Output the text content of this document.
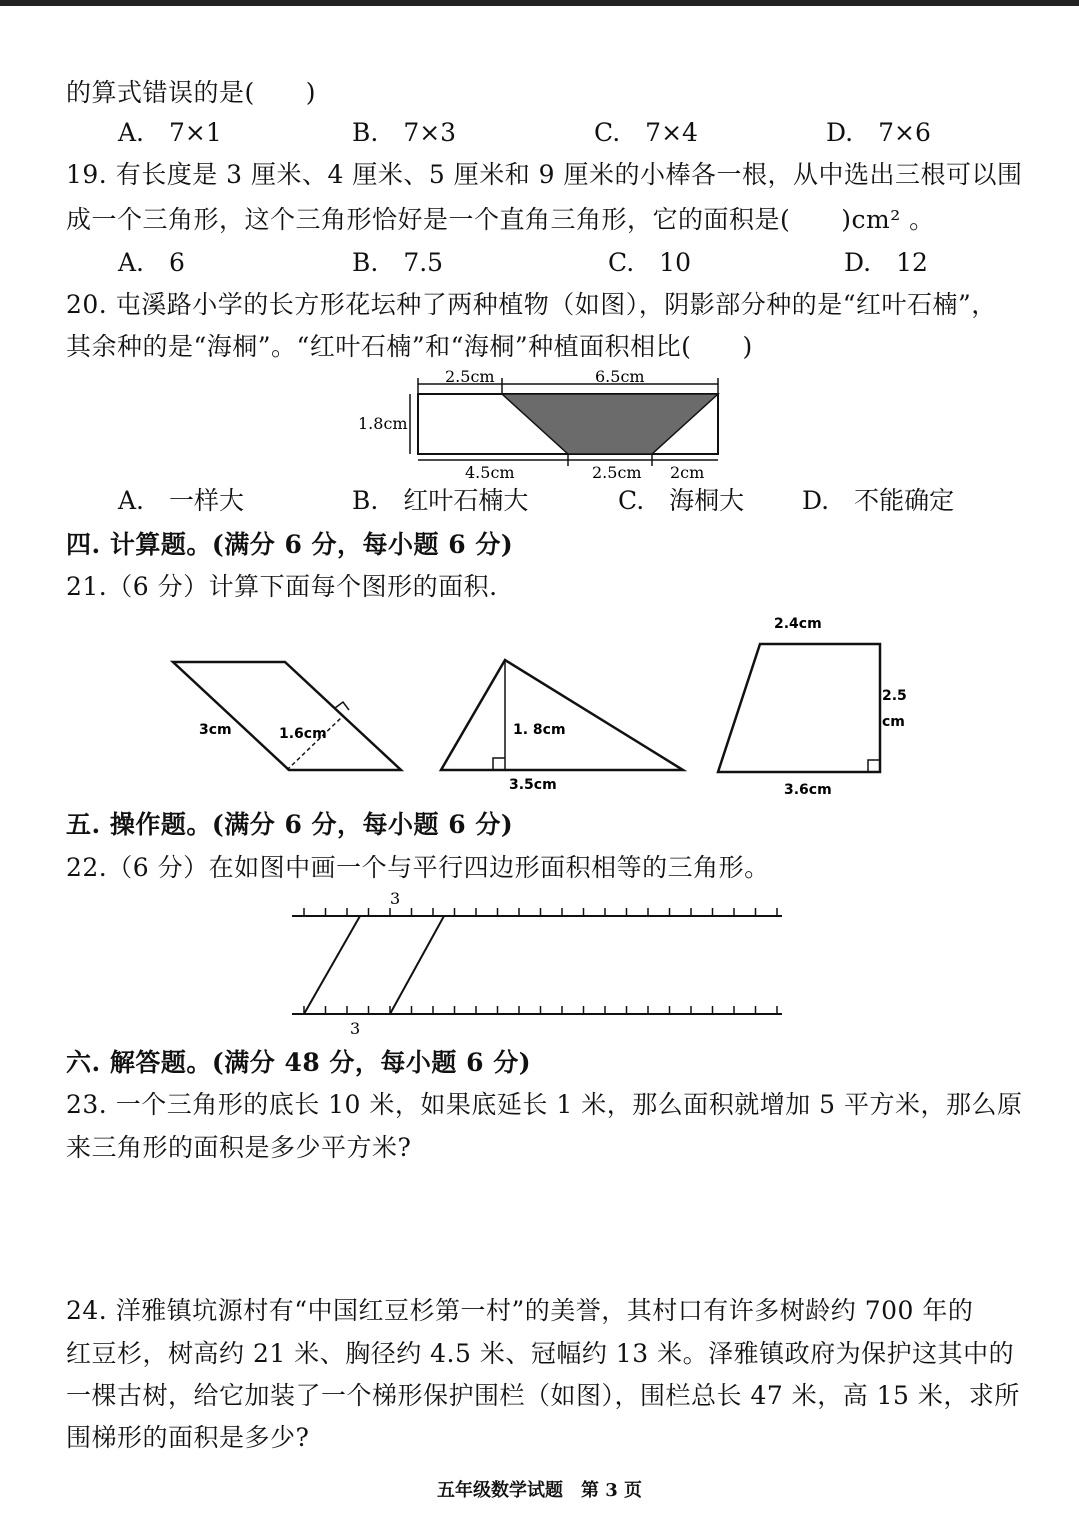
的算式错误的是(　　)
A.　7×1	B.　7×3	C.　7×4	D.　7×6
19. 有长度是 3 厘米、4 厘米、5 厘米和 9 厘米的小棒各一根，从中选出三根可以围
成一个三角形，这个三角形恰好是一个直角三角形，它的面积是(　　)cm² 。
A.　6	B.　7.5	C.　10	D.　12
20. 屯溪路小学的长方形花坛种了两种植物（如图），阴影部分种的是“红叶石楠”，
其余种的是“海桐”。“红叶石楠”和“海桐”种植面积相比(　　)
2.5cm	6.5cm
1.8cm
4.5cm	2.5cm 2cm
A.　一样大	B.　红叶石楠大	C.　海桐大 D.　不能确定
四. 计算题。(满分 6 分，每小题 6 分)
21.（6 分）计算下面每个图形的面积.
3cm	1.6cm	1. 8cm
3.5cm
2.4cm
2.5
cm
3.6cm
五. 操作题。(满分 6 分，每小题 6 分)
22.（6 分）在如图中画一个与平行四边形面积相等的三角形。
3
3
六. 解答题。(满分 48 分，每小题 6 分)
23. 一个三角形的底长 10 米，如果底延长 1 米，那么面积就增加 5 平方米，那么原
来三角形的面积是多少平方米?
24. 洋雅镇坑源村有“中国红豆杉第一村”的美誉，其村口有许多树龄约 700 年的
红豆杉，树高约 21 米、胸径约 4.5 米、冠幅约 13 米。泽雅镇政府为保护这其中的
一棵古树，给它加装了一个梯形保护围栏（如图），围栏总长 47 米，高 15 米，求所
围梯形的面积是多少?
五年级数学试题　第 3 页
